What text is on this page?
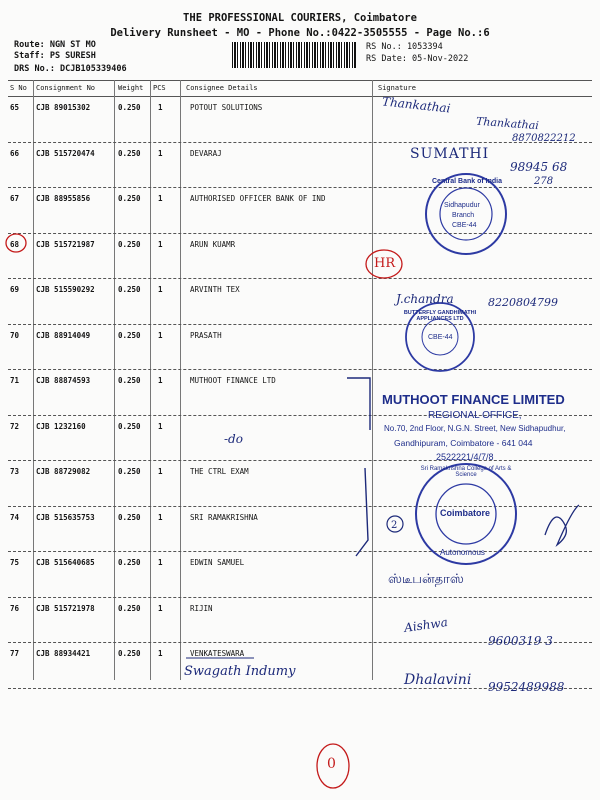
THE PROFESSIONAL COURIERS, Coimbatore
Delivery Runsheet - MO - Phone No.:0422-3505555 - Page No.:6
Route: NGN ST MO
Staff: PS SURESH
DRS No.: DCJB105339406
RS No.: 1053394
RS Date: 05-Nov-2022
S No Consignment No	Weight PCS	Consignee Details	Signature
65 CJB 89015302	0.250 1	POTOUT SOLUTIONS
66 CJB 515720474	0.250 1	DEVARAJ
67 CJB 88955856	0.250 1	AUTHORISED OFFICER BANK OF IND
68 CJB 515721987	0.250 1	ARUN KUAMR
69 CJB 515590292	0.250 1	ARVINTH TEX
70 CJB 88914049	0.250 1	PRASATH
71 CJB 88874593	0.250 1	MUTHOOT FINANCE LTD
72 CJB 1232160	0.250 1
73 CJB 88729082	0.250 1	THE CTRL EXAM
74 CJB 515635753	0.250 1	SRI RAMAKRISHNA
75 CJB 515640685	0.250 1	EDWIN SAMUEL
76 CJB 515721978	0.250 1	RIJIN
77 CJB 88934421	0.250 1	VENKATESWARA
2
Thankathai
Thankathai
8870822212
SUMATHI
98945 68
278
HR
J.chandra	8220804799
-do
Swagath Indumy
ஸ்டீபன்தாஸ்
Aishwa
9600319 3
Dhalavini 9952489988
0
Central Bank of India
Sidhapudur
Branch
CBE-44
BUTTERFLY GANDHIMATHI APPLIANCES LTD
CBE-44
MUTHOOT FINANCE LIMITED
REGIONAL OFFICE,
No.70, 2nd Floor, N.G.N. Street, New Sidhapudhur,
Gandhipuram, Coimbatore - 641 044
2522221/4/7/8
Sri Ramakrishna College of Arts & Science
Coimbatore
Autonomous
